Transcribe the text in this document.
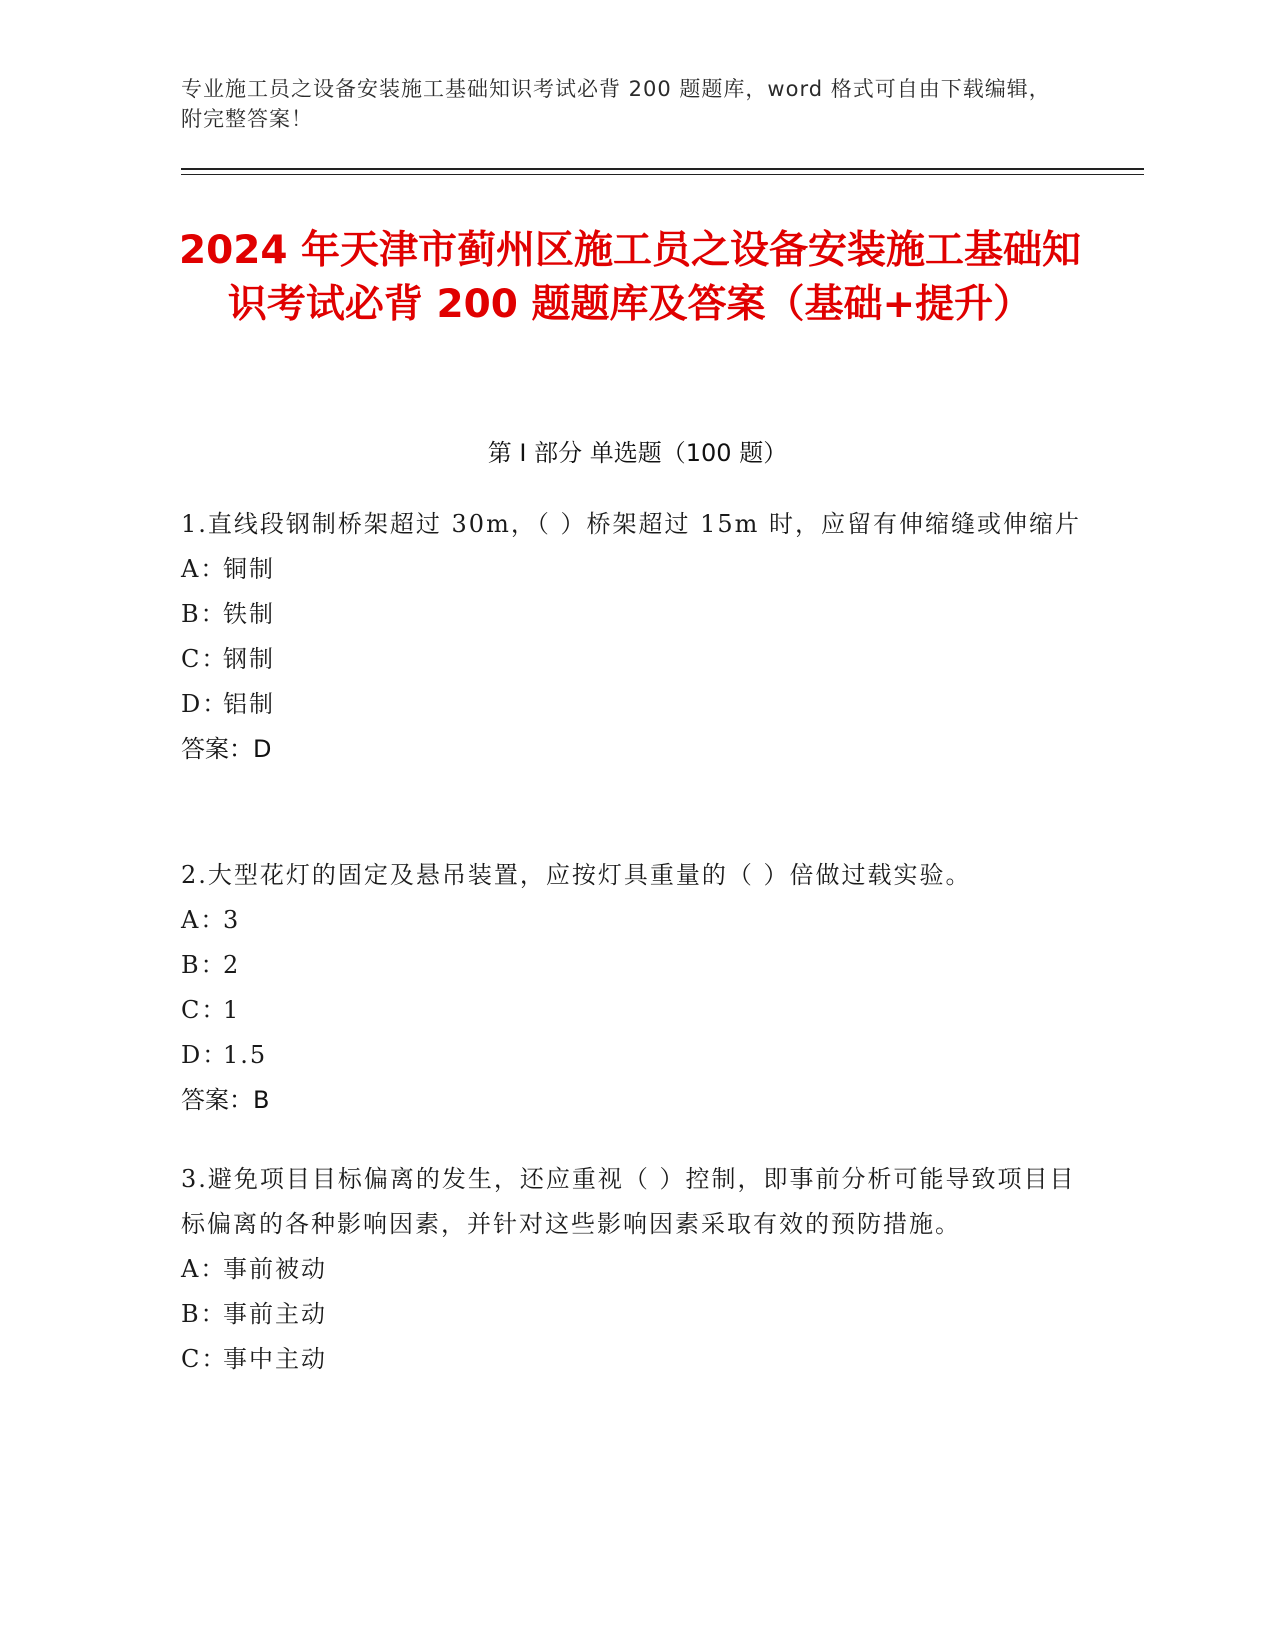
专业施工员之设备安装施工基础知识考试必背 200 题题库，word 格式可自由下载编辑，附完整答案！
2024 年天津市蓟州区施工员之设备安装施工基础知识考试必背 200 题题库及答案（基础+提升）
第 I 部分 单选题（100 题）
1.直线段钢制桥架超过 30m，（ ）桥架超过 15m 时，应留有伸缩缝或伸缩片
A：
铜制
B：
铁制
C：
钢制
D：
铝制
答案：D
2.大型花灯的固定及悬吊装置，应按灯具重量的（ ）倍做过载实验。
A：
3
B：
2
C：
1
D：
1.5
答案：B
3.避免项目目标偏离的发生，还应重视（ ）控制，即事前分析可能导致项目目标偏离的各种影响因素，并针对这些影响因素采取有效的预防措施。
A：
事前被动
B：
事前主动
C：
事中主动
